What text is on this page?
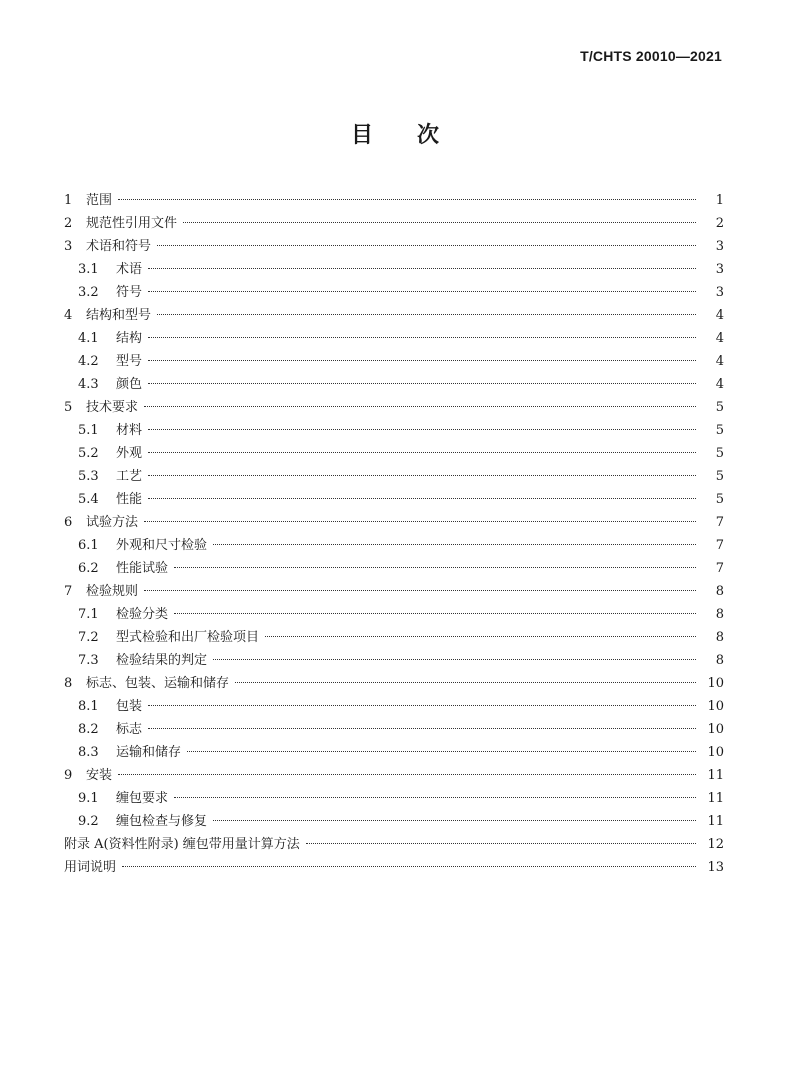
T/CHTS 20010—2021
目 次
1	范围	1
2	规范性引用文件	2
3	术语和符号	3
3.1	术语	3
3.2	符号	3
4	结构和型号	4
4.1	结构	4
4.2	型号	4
4.3	颜色	4
5	技术要求	5
5.1	材料	5
5.2	外观	5
5.3	工艺	5
5.4	性能	5
6	试验方法	7
6.1	外观和尺寸检验	7
6.2	性能试验	7
7	检验规则	8
7.1	检验分类	8
7.2	型式检验和出厂检验项目	8
7.3	检验结果的判定	8
8	标志、包装、运输和储存	10
8.1	包装	10
8.2	标志	10
8.3	运输和储存	10
9	安装	11
9.1	缠包要求	11
9.2	缠包检查与修复	11
附录 A(资料性附录) 缠包带用量计算方法	12
用词说明	13
